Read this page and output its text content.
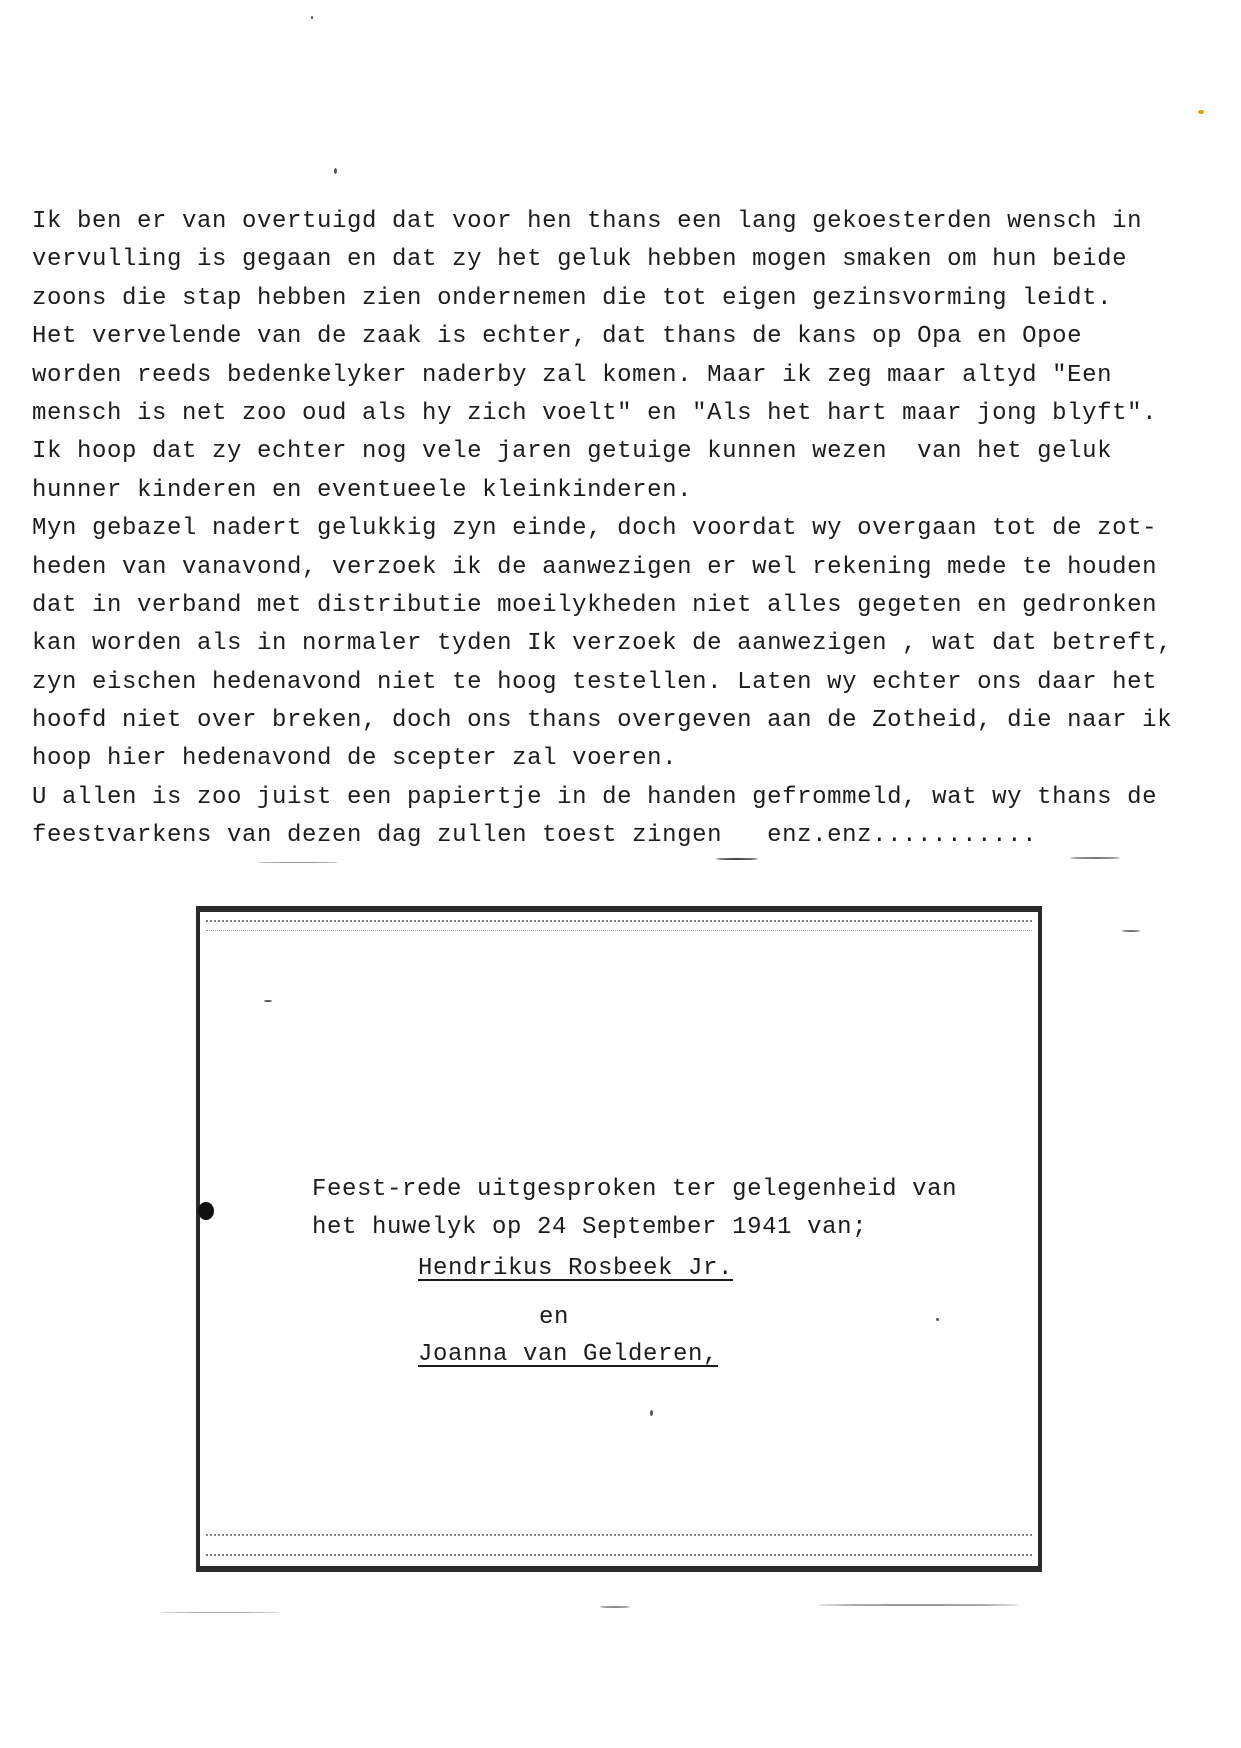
Ik ben er van overtuigd dat voor hen thans een lang gekoesterden wensch in
vervulling is gegaan en dat zy het geluk hebben mogen smaken om hun beide
zoons die stap hebben zien ondernemen die tot eigen gezinsvorming leidt.
Het vervelende van de zaak is echter, dat thans de kans op Opa en Opoe
worden reeds bedenkelyker naderby zal komen. Maar ik zeg maar altyd "Een
mensch is net zoo oud als hy zich voelt" en "Als het hart maar jong blyft".
Ik hoop dat zy echter nog vele jaren getuige kunnen wezen  van het geluk
hunner kinderen en eventueele kleinkinderen.
Myn gebazel nadert gelukkig zyn einde, doch voordat wy overgaan tot de zot-
heden van vanavond, verzoek ik de aanwezigen er wel rekening mede te houden
dat in verband met distributie moeilykheden niet alles gegeten en gedronken
kan worden als in normaler tyden Ik verzoek de aanwezigen , wat dat betreft,
zyn eischen hedenavond niet te hoog testellen. Laten wy echter ons daar het
hoofd niet over breken, doch ons thans overgeven aan de Zotheid, die naar ik
hoop hier hedenavond de scepter zal voeren.
U allen is zoo juist een papiertje in de handen gefrommeld, wat wy thans de
feestvarkens van dezen dag zullen toest zingen   enz.enz...........
Feest-rede uitgesproken ter gelegenheid van
het huwelyk op 24 September 1941 van;
Hendrikus Rosbeek Jr.
en
Joanna van Gelderen,
